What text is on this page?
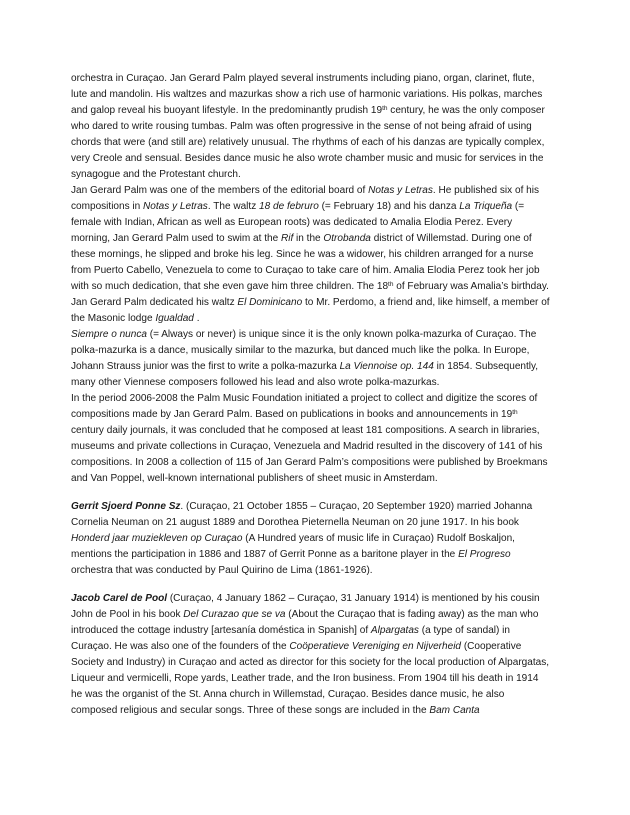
orchestra in Curaçao. Jan Gerard Palm played several instruments including piano, organ, clarinet, flute, lute and mandolin. His waltzes and mazurkas show a rich use of harmonic variations. His polkas, marches and galop reveal his buoyant lifestyle. In the predominantly prudish 19th century, he was the only composer who dared to write rousing tumbas. Palm was often progressive in the sense of not being afraid of using chords that were (and still are) relatively unusual. The rhythms of each of his danzas are typically complex, very Creole and sensual. Besides dance music he also wrote chamber music and music for services in the synagogue and the Protestant church.

Jan Gerard Palm was one of the members of the editorial board of Notas y Letras. He published six of his compositions in Notas y Letras. The waltz 18 de februro (= February 18) and his danza La Triqueña (= female with Indian, African as well as European roots) was dedicated to Amalia Elodia Perez. Every morning, Jan Gerard Palm used to swim at the Rif in the Otrobanda district of Willemstad. During one of these mornings, he slipped and broke his leg. Since he was a widower, his children arranged for a nurse from Puerto Cabello, Venezuela to come to Curaçao to take care of him. Amalia Elodia Perez took her job with so much dedication, that she even gave him three children. The 18th of February was Amalia’s birthday.

Jan Gerard Palm dedicated his waltz El Dominicano to Mr. Perdomo, a friend and, like himself, a member of the Masonic lodge Igualdad .

Siempre o nunca (= Always or never) is unique since it is the only known polka-mazurka of Curaçao. The polka-mazurka is a dance, musically similar to the mazurka, but danced much like the polka. In Europe, Johann Strauss junior was the first to write a polka-mazurka La Viennoise op. 144 in 1854. Subsequently, many other Viennese composers followed his lead and also wrote polka-mazurkas.

In the period 2006-2008 the Palm Music Foundation initiated a project to collect and digitize the scores of compositions made by Jan Gerard Palm. Based on publications in books and announcements in 19th century daily journals, it was concluded that he composed at least 181 compositions. A search in libraries, museums and private collections in Curaçao, Venezuela and Madrid resulted in the discovery of 141 of his compositions. In 2008 a collection of 115 of Jan Gerard Palm’s compositions were published by Broekmans and Van Poppel, well-known international publishers of sheet music in Amsterdam.

Gerrit Sjoerd Ponne Sz. (Curaçao, 21 October 1855 – Curaçao, 20 September 1920) married Johanna Cornelia Neuman on 21 august 1889 and Dorothea Pieternella Neuman on 20 june 1917. In his book Honderd jaar muziekleven op Curaçao (A Hundred years of music life in Curaçao) Rudolf Boskaljon, mentions the participation in 1886 and 1887 of Gerrit Ponne as a baritone player in the El Progreso orchestra that was conducted by Paul Quirino de Lima (1861-1926).

Jacob Carel de Pool (Curaçao, 4 January 1862 – Curaçao, 31 January 1914) is mentioned by his cousin John de Pool in his book Del Curazao que se va (About the Curaçao that is fading away) as the man who introduced the cottage industry [artesanía doméstica in Spanish] of Alpargatas (a type of sandal) in Curaçao. He was also one of the founders of the Coöperatieve Vereniging en Nijverheid (Cooperative Society and Industry) in Curaçao and acted as director for this society for the local production of Alpargatas, Liqueur and vermicelli, Rope yards, Leather trade, and the Iron business. From 1904 till his death in 1914 he was the organist of the St. Anna church in Willemstad, Curaçao. Besides dance music, he also composed religious and secular songs. Three of these songs are included in the Bam Canta
